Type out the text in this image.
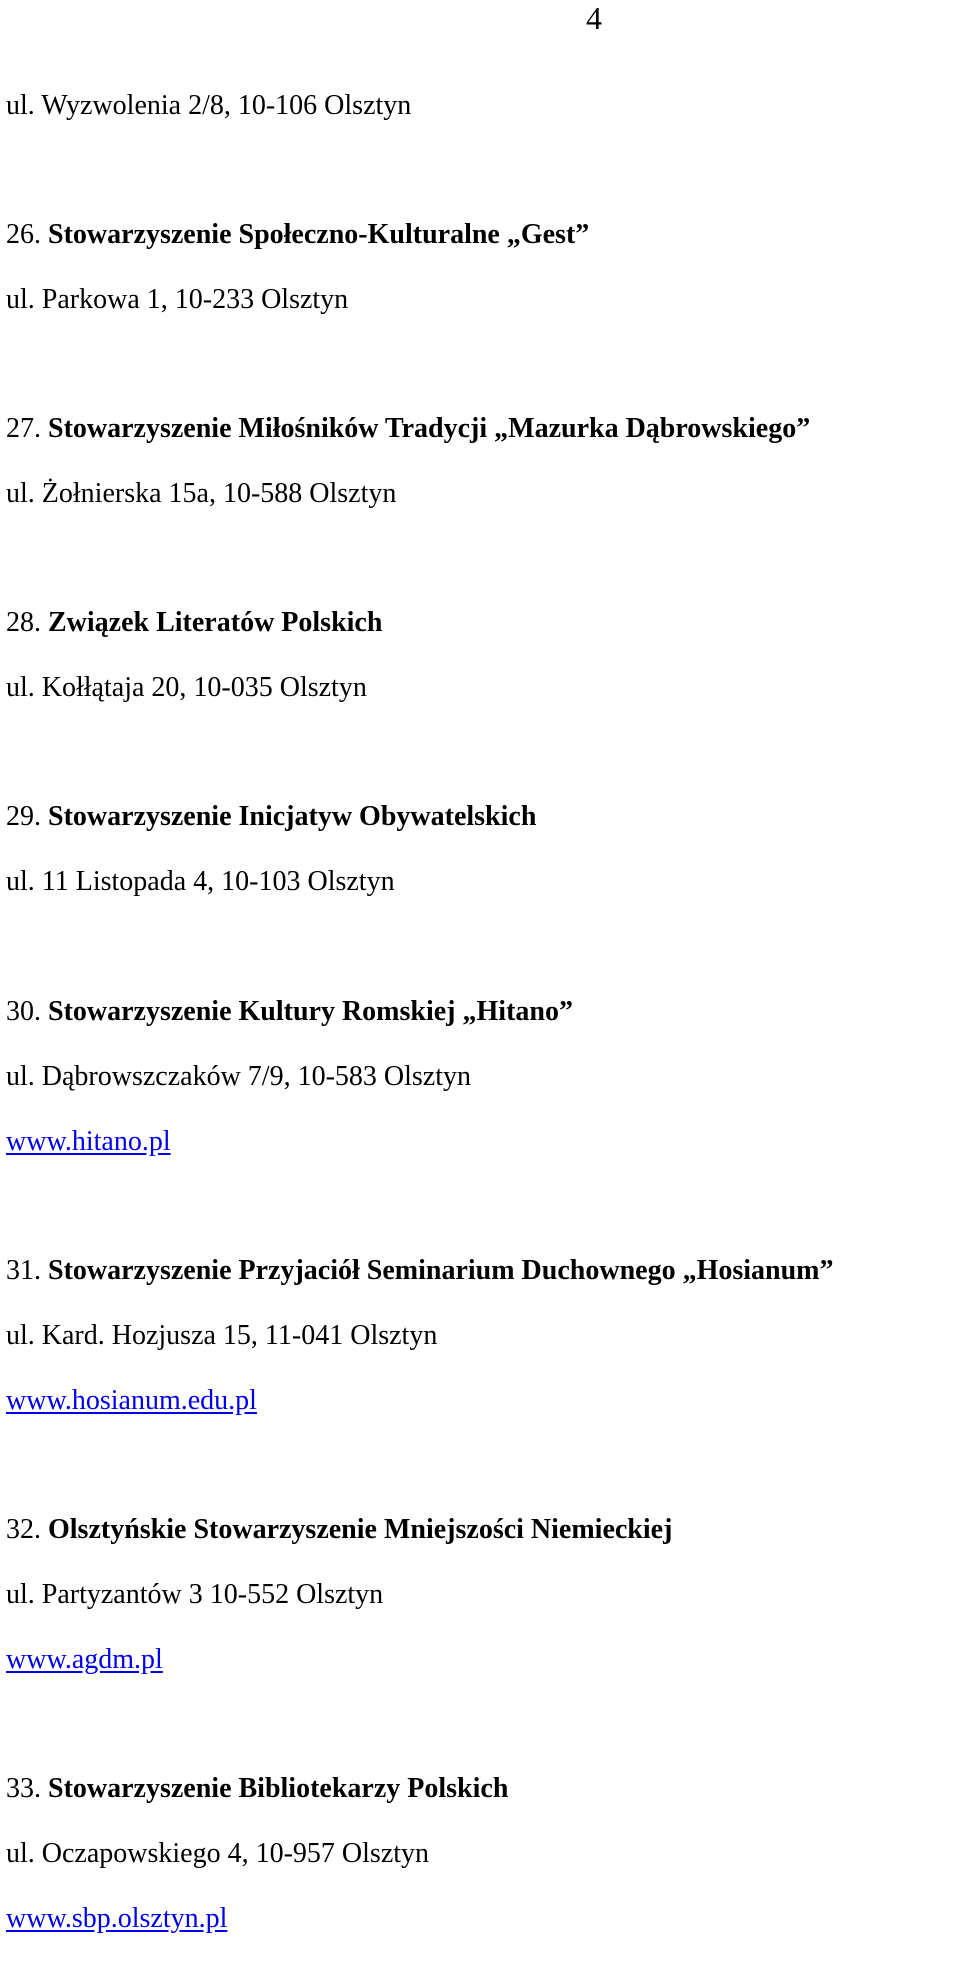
4
ul. Wyzwolenia 2/8, 10-106 Olsztyn
26. Stowarzyszenie Społeczno-Kulturalne „Gest”
ul. Parkowa 1, 10-233 Olsztyn
27. Stowarzyszenie Miłośników Tradycji „Mazurka Dąbrowskiego”
ul. Żołnierska 15a, 10-588 Olsztyn
28. Związek Literatów Polskich
ul. Kołłątaja 20, 10-035 Olsztyn
29. Stowarzyszenie Inicjatyw Obywatelskich
ul. 11 Listopada 4, 10-103 Olsztyn
30. Stowarzyszenie Kultury Romskiej „Hitano”
ul. Dąbrowszczaków 7/9, 10-583 Olsztyn
www.hitano.pl
31. Stowarzyszenie Przyjaciół Seminarium Duchownego „Hosianum”
ul. Kard. Hozjusza 15, 11-041 Olsztyn
www.hosianum.edu.pl
32. Olsztyńskie Stowarzyszenie Mniejszości Niemieckiej
ul. Partyzantów 3 10-552 Olsztyn
www.agdm.pl
33. Stowarzyszenie Bibliotekarzy Polskich
ul. Oczapowskiego 4, 10-957 Olsztyn
www.sbp.olsztyn.pl
